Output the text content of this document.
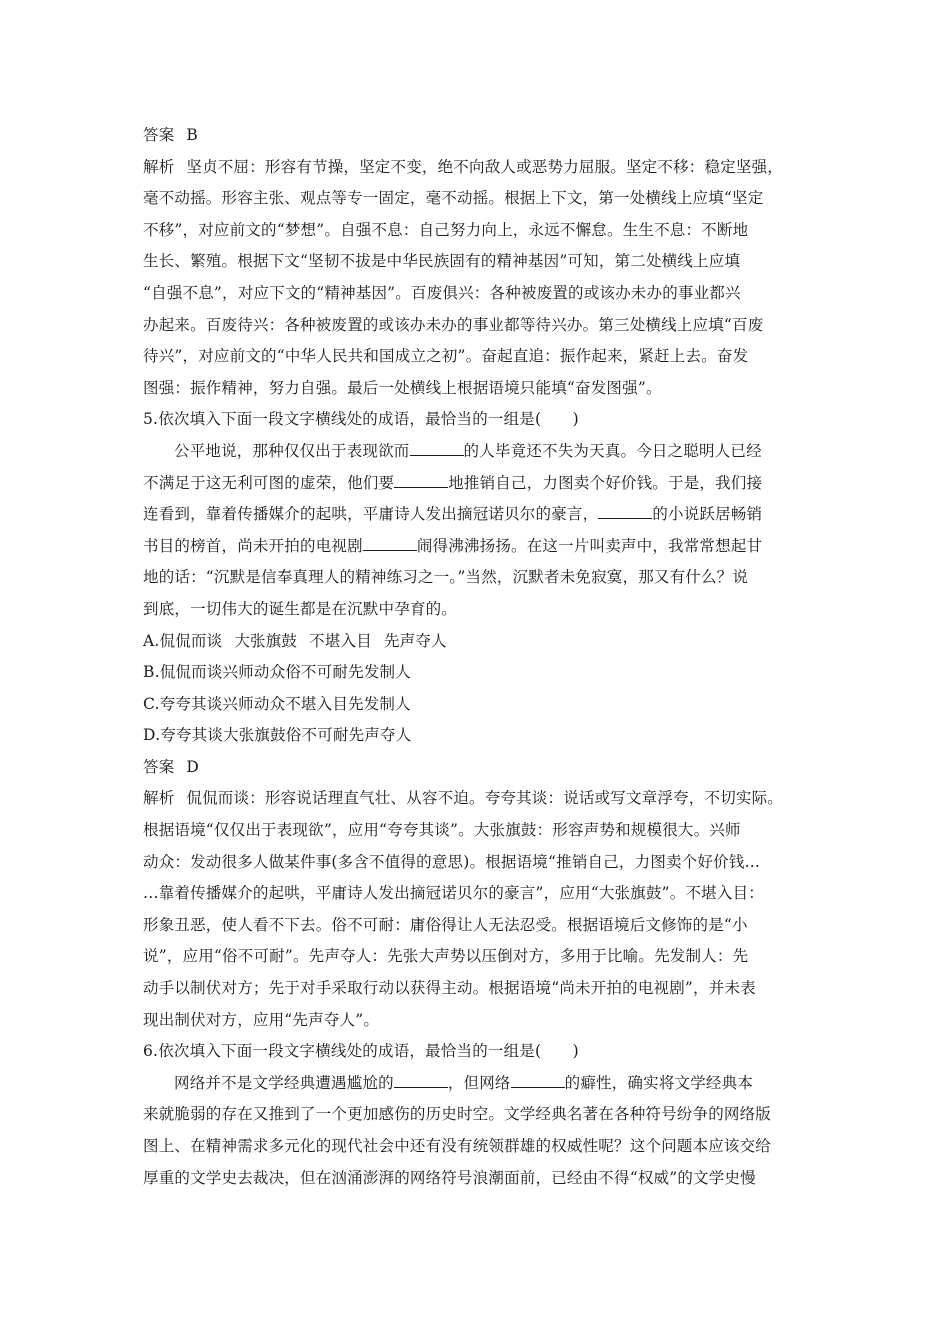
答案 B
解析 坚贞不屈：形容有节操，坚定不变，绝不向敌人或恶势力屈服。坚定不移：稳定坚强，
毫不动摇。形容主张、观点等专一固定，毫不动摇。根据上下文，第一处横线上应填“坚定
不移”，对应前文的“梦想”。自强不息：自己努力向上，永远不懈怠。生生不息：不断地
生长、繁殖。根据下文“坚韧不拔是中华民族固有的精神基因”可知，第二处横线上应填
“自强不息”，对应下文的“精神基因”。百废俱兴：各种被废置的或该办未办的事业都兴
办起来。百废待兴：各种被废置的或该办未办的事业都等待兴办。第三处横线上应填“百废
待兴”，对应前文的“中华人民共和国成立之初”。奋起直追：振作起来，紧赶上去。奋发
图强：振作精神，努力自强。最后一处横线上根据语境只能填“奋发图强”。
5.依次填入下面一段文字横线处的成语，最恰当的一组是(　　)
公平地说，那种仅仅出于表现欲而	的人毕竟还不失为天真。今日之聪明人已经
不满足于这无利可图的虚荣，他们要	地推销自己，力图卖个好价钱。于是，我们接
连看到，靠着传播媒介的起哄，平庸诗人发出摘冠诺贝尔的豪言，	的小说跃居畅销
书目的榜首，尚未开拍的电视剧	闹得沸沸扬扬。在这一片叫卖声中，我常常想起甘
地的话：“沉默是信奉真理人的精神练习之一。”当然，沉默者未免寂寞，那又有什么？说
到底，一切伟大的诞生都是在沉默中孕育的。
A.侃侃而谈 大张旗鼓 不堪入目 先声夺人
B.侃侃而谈兴师动众俗不可耐先发制人
C.夸夸其谈兴师动众不堪入目先发制人
D.夸夸其谈大张旗鼓俗不可耐先声夺人
答案 D
解析 侃侃而谈：形容说话理直气壮、从容不迫。夸夸其谈：说话或写文章浮夸，不切实际。
根据语境“仅仅出于表现欲”，应用“夸夸其谈”。大张旗鼓：形容声势和规模很大。兴师
动众：发动很多人做某件事(多含不值得的意思)。根据语境“推销自己，力图卖个好价钱…
…靠着传播媒介的起哄，平庸诗人发出摘冠诺贝尔的豪言”，应用“大张旗鼓”。不堪入目：
形象丑恶，使人看不下去。俗不可耐：庸俗得让人无法忍受。根据语境后文修饰的是“小
说”，应用“俗不可耐”。先声夺人：先张大声势以压倒对方，多用于比喻。先发制人：先
动手以制伏对方；先于对手采取行动以获得主动。根据语境“尚未开拍的电视剧”，并未表
现出制伏对方，应用“先声夺人”。
6.依次填入下面一段文字横线处的成语，最恰当的一组是(　　)
网络并不是文学经典遭遇尴尬的	，但网络	的癖性，确实将文学经典本
来就脆弱的存在又推到了一个更加感伤的历史时空。文学经典名著在各种符号纷争的网络版
图上、在精神需求多元化的现代社会中还有没有统领群雄的权威性呢？这个问题本应该交给
厚重的文学史去裁决，但在汹涌澎湃的网络符号浪潮面前，已经由不得“权威”的文学史慢
